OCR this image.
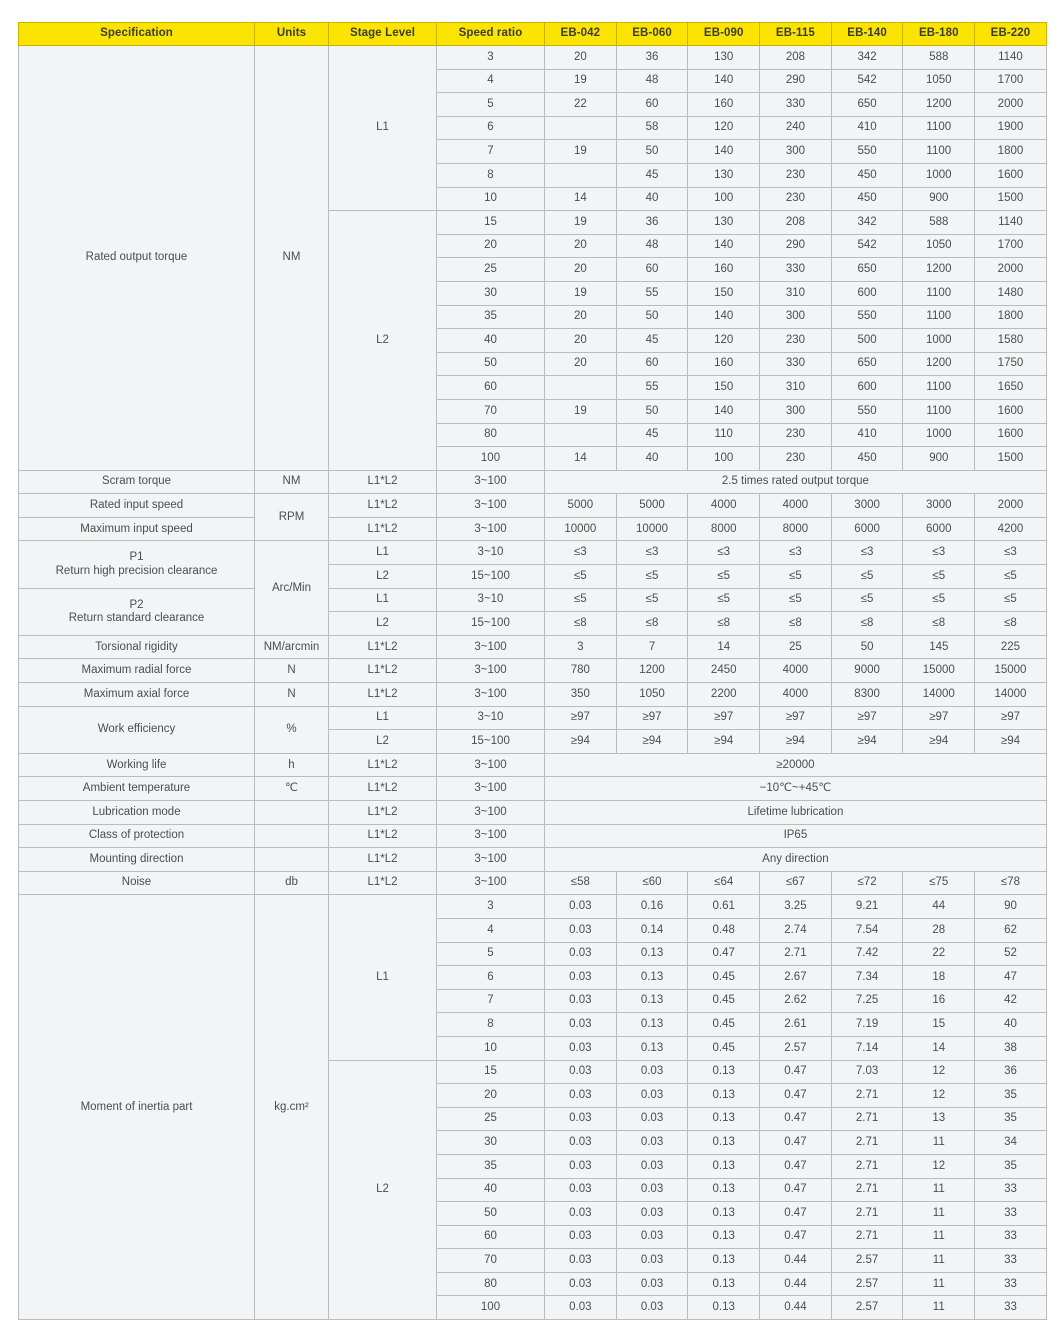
Specification	Units	Stage Level	Speed ratio	EB-042	EB-060	EB-090	EB-115	EB-140	EB-180	EB-220
Rated output torque	NM	L1	3	20	36	130	208	342	588	1140
			4	19	48	140	290	542	1050	1700
			5	22	60	160	330	650	1200	2000
			6		58	120	240	410	1100	1900
			7	19	50	140	300	550	1100	1800
			8		45	130	230	450	1000	1600
			10	14	40	100	230	450	900	1500
		L2	15	19	36	130	208	342	588	1140
			20	20	48	140	290	542	1050	1700
			25	20	60	160	330	650	1200	2000
			30	19	55	150	310	600	1100	1480
			35	20	50	140	300	550	1100	1800
			40	20	45	120	230	500	1000	1580
			50	20	60	160	330	650	1200	1750
			60		55	150	310	600	1100	1650
			70	19	50	140	300	550	1100	1600
			80		45	110	230	410	1000	1600
			100	14	40	100	230	450	900	1500
Scram torque	NM	L1*L2	3~100	2.5 times rated output torque						
Rated input speed	RPM	L1*L2	3~100	5000	5000	4000	4000	3000	3000	2000
Maximum input speed		L1*L2	3~100	10000	10000	8000	8000	6000	6000	4200
P1
Return high precision clearance	Arc/Min	L1	3~10	≤3	≤3	≤3	≤3	≤3	≤3	≤3
		L2	15~100	≤5	≤5	≤5	≤5	≤5	≤5	≤5
P2
Return standard clearance		L1	3~10	≤5	≤5	≤5	≤5	≤5	≤5	≤5
		L2	15~100	≤8	≤8	≤8	≤8	≤8	≤8	≤8
Torsional rigidity	NM/arcmin	L1*L2	3~100	3	7	14	25	50	145	225
Maximum radial force	N	L1*L2	3~100	780	1200	2450	4000	9000	15000	15000
Maximum axial force	N	L1*L2	3~100	350	1050	2200	4000	8300	14000	14000
Work efficiency	%	L1	3~10	≥97	≥97	≥97	≥97	≥97	≥97	≥97
		L2	15~100	≥94	≥94	≥94	≥94	≥94	≥94	≥94
Working life	h	L1*L2	3~100	≥20000						
Ambient temperature	℃	L1*L2	3~100	−10℃~+45℃						
Lubrication mode		L1*L2	3~100	Lifetime lubrication						
Class of protection		L1*L2	3~100	IP65						
Mounting direction		L1*L2	3~100	Any direction						
Noise	db	L1*L2	3~100	≤58	≤60	≤64	≤67	≤72	≤75	≤78
Moment of inertia part	kg.cm²	L1	3	0.03	0.16	0.61	3.25	9.21	44	90
			4	0.03	0.14	0.48	2.74	7.54	28	62
			5	0.03	0.13	0.47	2.71	7.42	22	52
			6	0.03	0.13	0.45	2.67	7.34	18	47
			7	0.03	0.13	0.45	2.62	7.25	16	42
			8	0.03	0.13	0.45	2.61	7.19	15	40
			10	0.03	0.13	0.45	2.57	7.14	14	38
		L2	15	0.03	0.03	0.13	0.47	7.03	12	36
			20	0.03	0.03	0.13	0.47	2.71	12	35
			25	0.03	0.03	0.13	0.47	2.71	13	35
			30	0.03	0.03	0.13	0.47	2.71	11	34
			35	0.03	0.03	0.13	0.47	2.71	12	35
			40	0.03	0.03	0.13	0.47	2.71	11	33
			50	0.03	0.03	0.13	0.47	2.71	11	33
			60	0.03	0.03	0.13	0.47	2.71	11	33
			70	0.03	0.03	0.13	0.44	2.57	11	33
			80	0.03	0.03	0.13	0.44	2.57	11	33
			100	0.03	0.03	0.13	0.44	2.57	11	33
